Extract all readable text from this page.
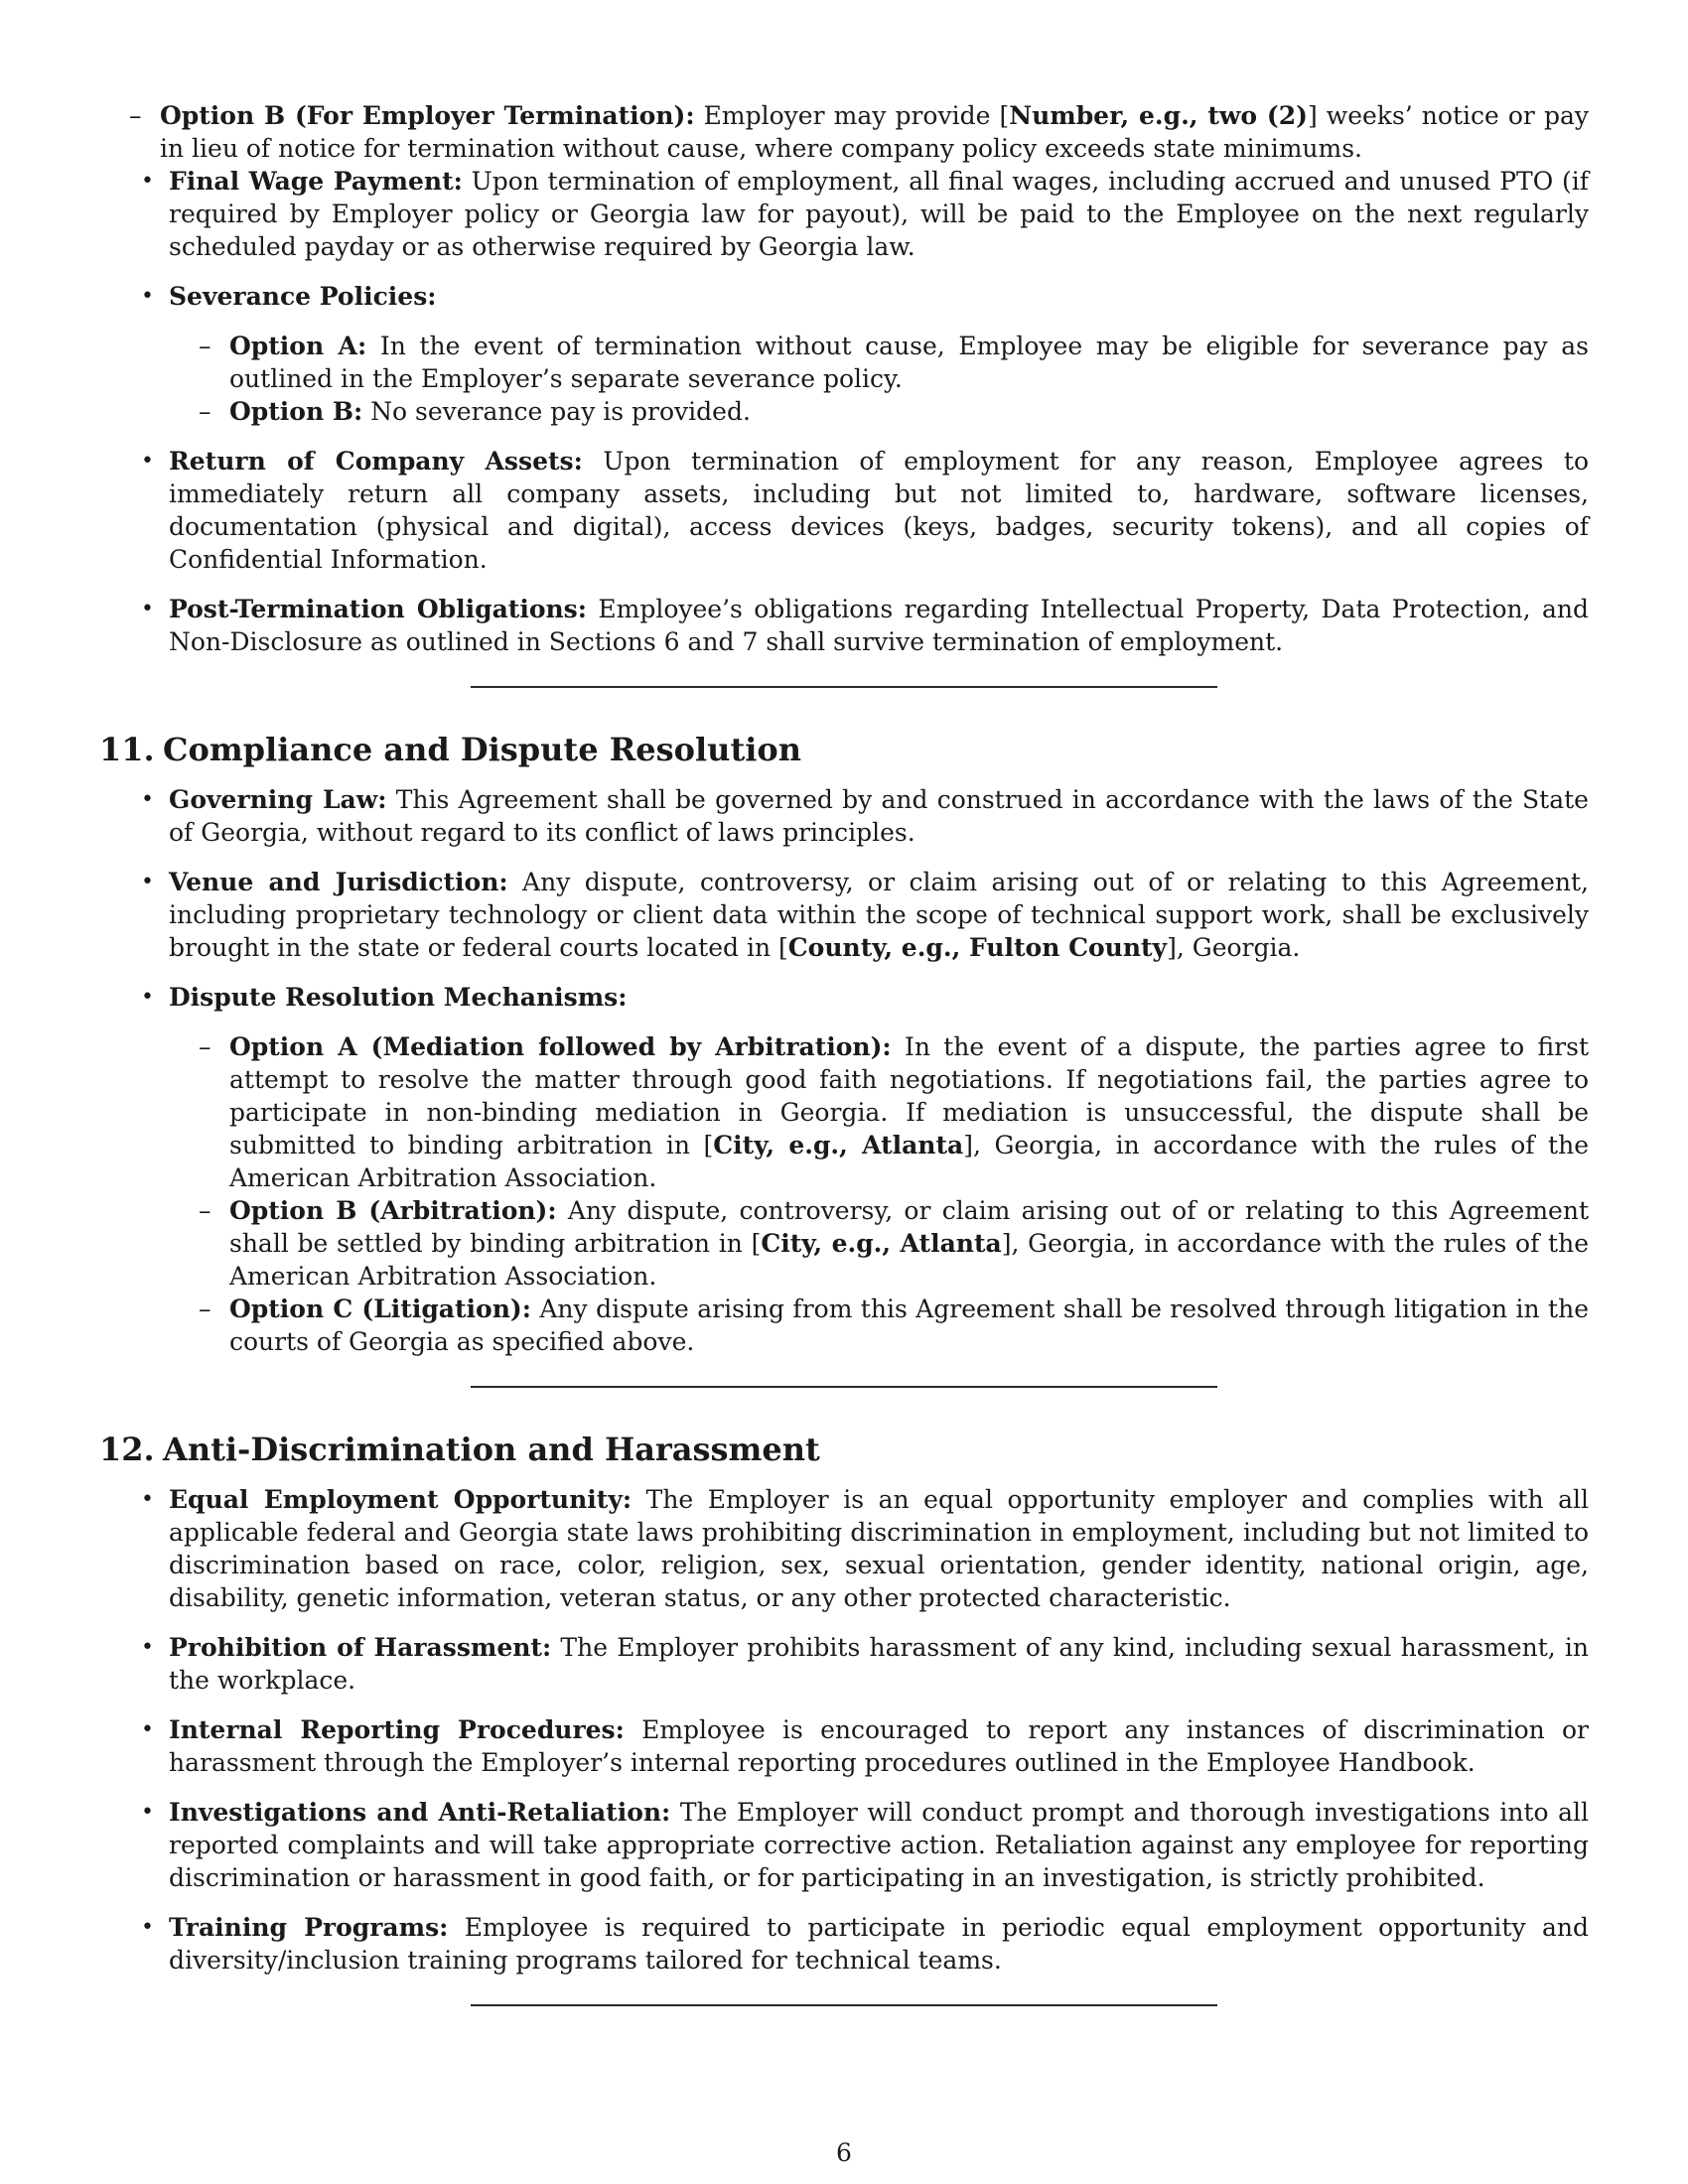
– Option B (For Employer Termination): Employer may provide [Number, e.g., two (2)] weeks’ notice or pay in lieu of notice for termination without cause, where company policy exceeds state minimums.
• Final Wage Payment: Upon termination of employment, all final wages, including accrued and unused PTO (if required by Employer policy or Georgia law for payout), will be paid to the Employee on the next regularly scheduled payday or as otherwise required by Georgia law.
• Severance Policies:
– Option A: In the event of termination without cause, Employee may be eligible for severance pay as outlined in the Employer’s separate severance policy.
– Option B: No severance pay is provided.
• Return of Company Assets: Upon termination of employment for any reason, Employee agrees to immediately return all company assets, including but not limited to, hardware, software licenses, documentation (physical and digital), access devices (keys, badges, security tokens), and all copies of Confidential Information.
• Post-Termination Obligations: Employee’s obligations regarding Intellectual Property, Data Protection, and Non-Disclosure as outlined in Sections 6 and 7 shall survive termination of employment.
11. Compliance and Dispute Resolution
• Governing Law: This Agreement shall be governed by and construed in accordance with the laws of the State of Georgia, without regard to its conflict of laws principles.
• Venue and Jurisdiction: Any dispute, controversy, or claim arising out of or relating to this Agreement, including proprietary technology or client data within the scope of technical support work, shall be exclusively brought in the state or federal courts located in [County, e.g., Fulton County], Georgia.
• Dispute Resolution Mechanisms:
– Option A (Mediation followed by Arbitration): In the event of a dispute, the parties agree to first attempt to resolve the matter through good faith negotiations. If negotiations fail, the parties agree to participate in non-binding mediation in Georgia. If mediation is unsuccessful, the dispute shall be submitted to binding arbitration in [City, e.g., Atlanta], Georgia, in accordance with the rules of the American Arbitration Association.
– Option B (Arbitration): Any dispute, controversy, or claim arising out of or relating to this Agreement shall be settled by binding arbitration in [City, e.g., Atlanta], Georgia, in accordance with the rules of the American Arbitration Association.
– Option C (Litigation): Any dispute arising from this Agreement shall be resolved through litigation in the courts of Georgia as specified above.
12. Anti-Discrimination and Harassment
• Equal Employment Opportunity: The Employer is an equal opportunity employer and complies with all applicable federal and Georgia state laws prohibiting discrimination in employment, including but not limited to discrimination based on race, color, religion, sex, sexual orientation, gender identity, national origin, age, disability, genetic information, veteran status, or any other protected characteristic.
• Prohibition of Harassment: The Employer prohibits harassment of any kind, including sexual harassment, in the workplace.
• Internal Reporting Procedures: Employee is encouraged to report any instances of discrimination or harassment through the Employer’s internal reporting procedures outlined in the Employee Handbook.
• Investigations and Anti-Retaliation: The Employer will conduct prompt and thorough investigations into all reported complaints and will take appropriate corrective action. Retaliation against any employee for reporting discrimination or harassment in good faith, or for participating in an investigation, is strictly prohibited.
• Training Programs: Employee is required to participate in periodic equal employment opportunity and diversity/inclusion training programs tailored for technical teams.
6
